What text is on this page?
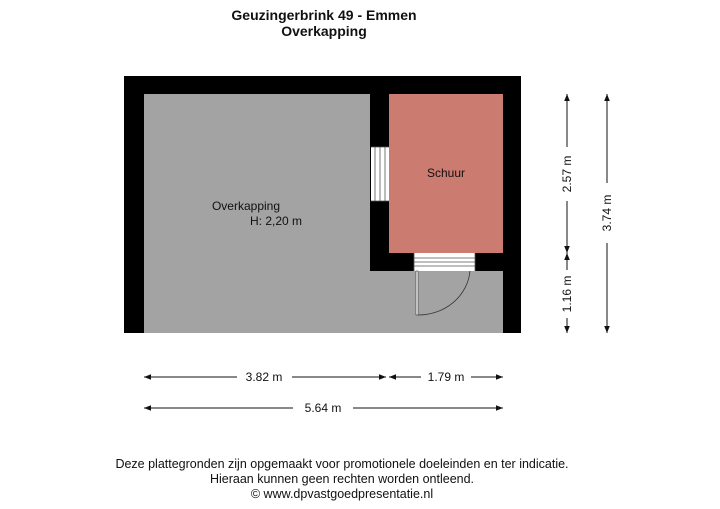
Geuzingerbrink 49 - Emmen
Overkapping
Overkapping
H: 2,20 m
Schuur
3.82 m	1.79 m
5.64 m
2.57 m
1.16 m
3.74 m
Deze plattegronden zijn opgemaakt voor promotionele doeleinden en ter indicatie.
Hieraan kunnen geen rechten worden ontleend.
© www.dpvastgoedpresentatie.nl
